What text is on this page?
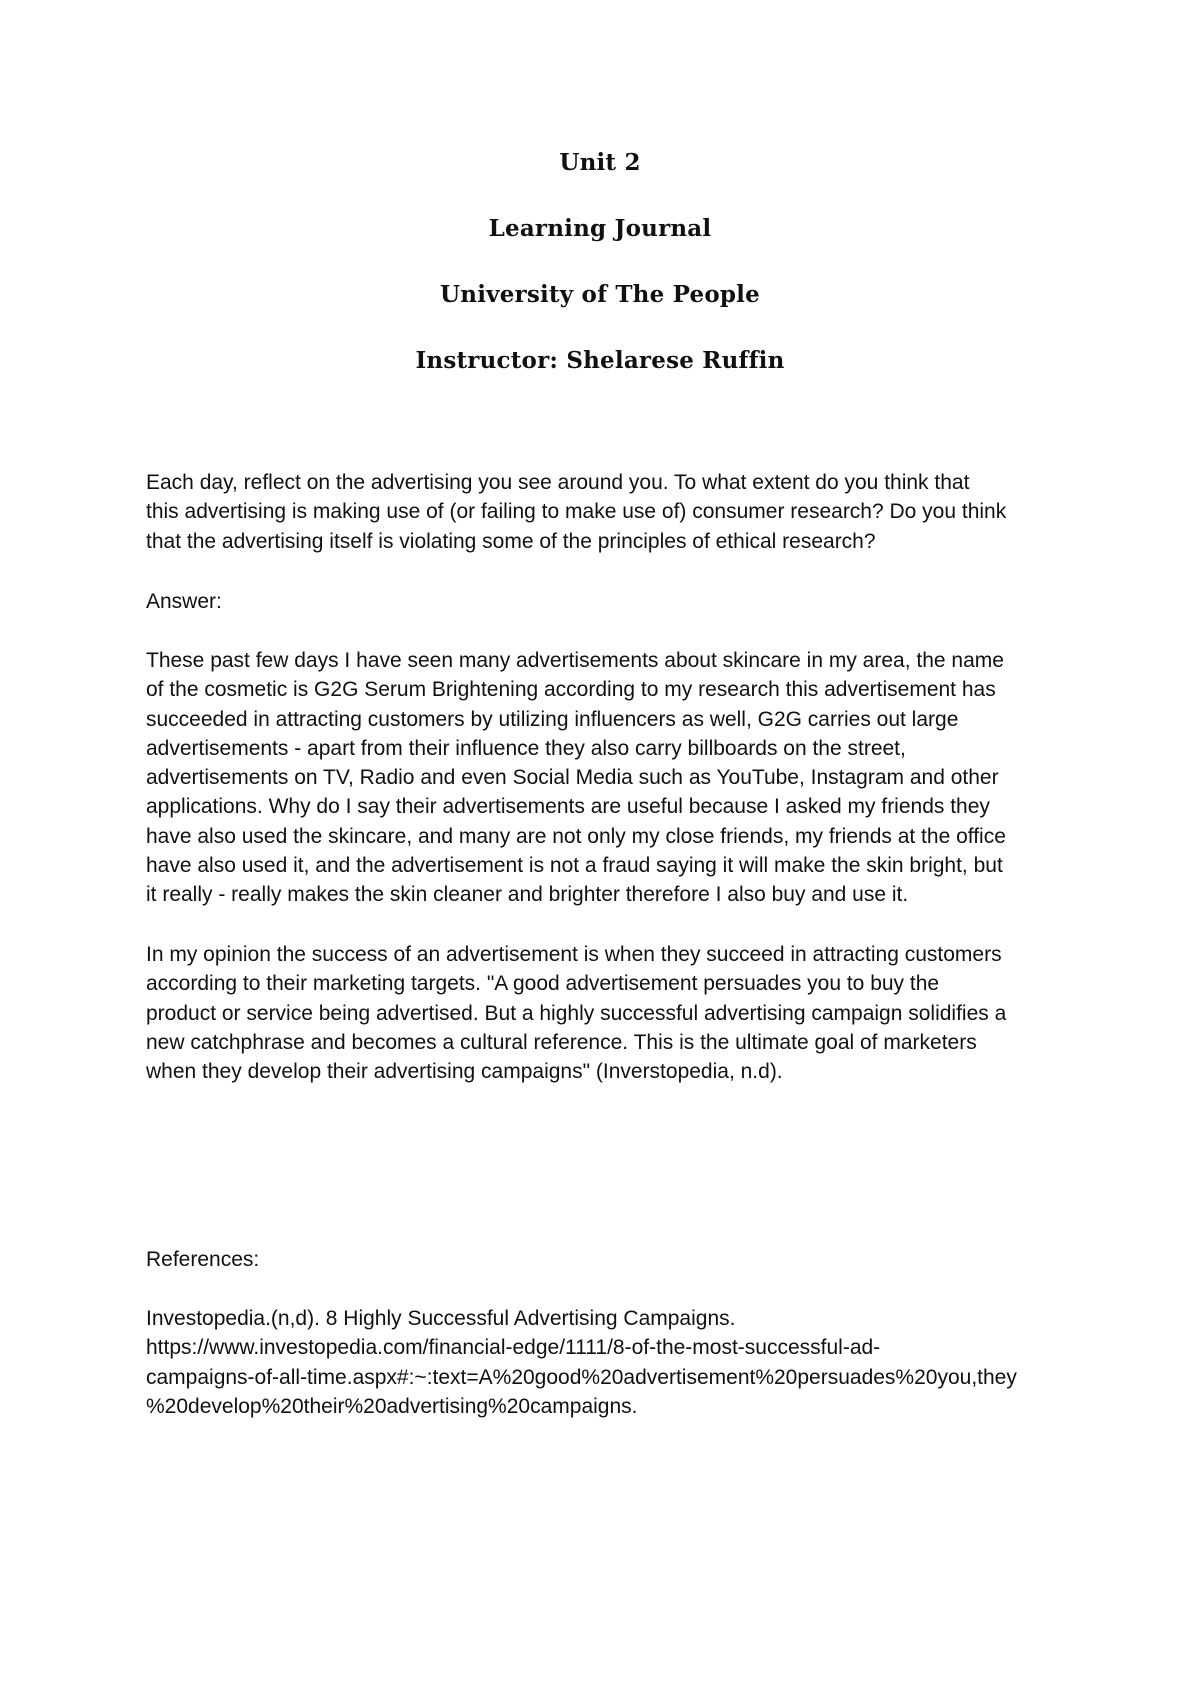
Unit 2
Learning Journal
University of The People
Instructor: Shelarese Ruffin
Each day, reflect on the advertising you see around you. To what extent do you think that
this advertising is making use of (or failing to make use of) consumer research? Do you think
that the advertising itself is violating some of the principles of ethical research?
Answer:
These past few days I have seen many advertisements about skincare in my area, the name
of the cosmetic is G2G Serum Brightening according to my research this advertisement has
succeeded in attracting customers by utilizing influencers as well, G2G carries out large
advertisements - apart from their influence they also carry billboards on the street,
advertisements on TV, Radio and even Social Media such as YouTube, Instagram and other
applications. Why do I say their advertisements are useful because I asked my friends they
have also used the skincare, and many are not only my close friends, my friends at the office
have also used it, and the advertisement is not a fraud saying it will make the skin bright, but
it really - really makes the skin cleaner and brighter therefore I also buy and use it.
In my opinion the success of an advertisement is when they succeed in attracting customers
according to their marketing targets. "A good advertisement persuades you to buy the
product or service being advertised. But a highly successful advertising campaign solidifies a
new catchphrase and becomes a cultural reference. This is the ultimate goal of marketers
when they develop their advertising campaigns" (Inverstopedia, n.d).
References:
Investopedia.(n,d). 8 Highly Successful Advertising Campaigns.
https://www.investopedia.com/financial-edge/1111/8-of-the-most-successful-ad-
campaigns-of-all-time.aspx#:~:text=A%20good%20advertisement%20persuades%20you,they
%20develop%20their%20advertising%20campaigns.
